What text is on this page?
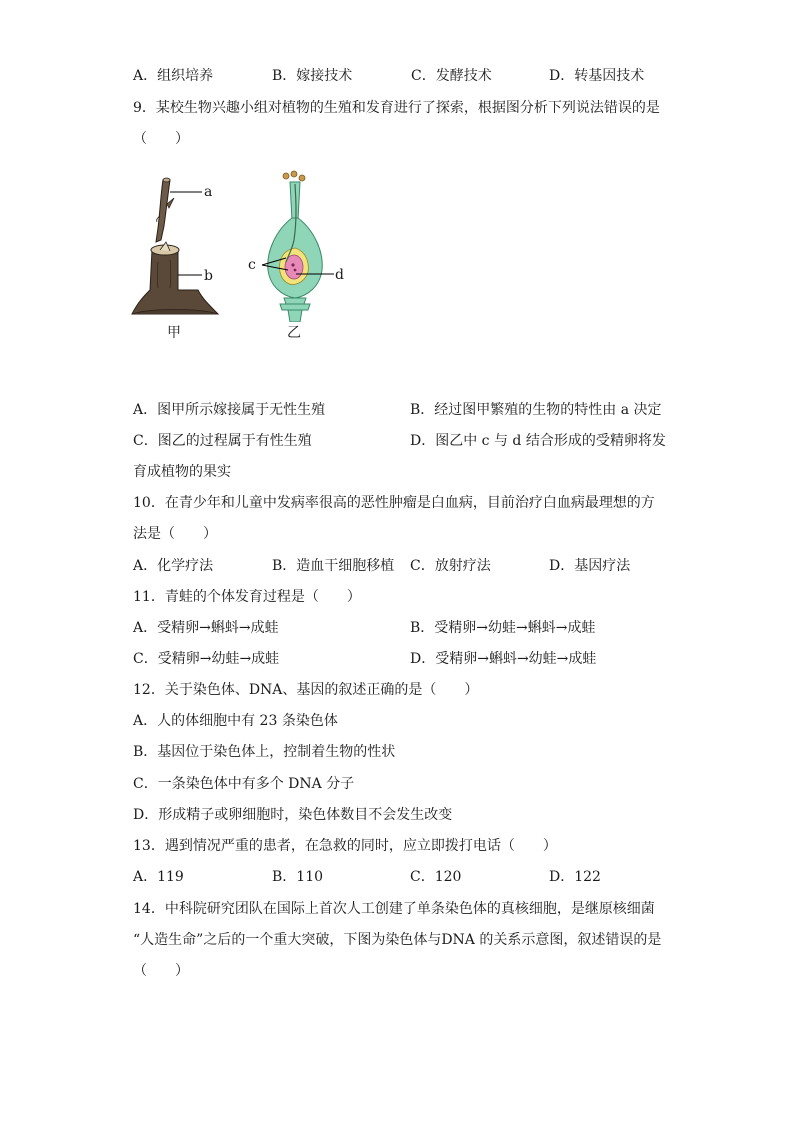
A．组织培养	B．嫁接技术	C．发酵技术	D．转基因技术
9．某校生物兴趣小组对植物的生殖和发育进行了探索，根据图分析下列说法错误的是
（　　）
a
b
甲
c
d
乙
A．图甲所示嫁接属于无性生殖	B．经过图甲繁殖的生物的特性由 a 决定
C．图乙的过程属于有性生殖	D．图乙中 c 与 d 结合形成的受精卵将发
育成植物的果实
10．在青少年和儿童中发病率很高的恶性肿瘤是白血病，目前治疗白血病最理想的方
法是（　　）
A．化学疗法	B．造血干细胞移植 C．放射疗法	D．基因疗法
11．青蛙的个体发育过程是（　　）
A．受精卵→蝌蚪→成蛙	B．受精卵→幼蛙→蝌蚪→成蛙
C．受精卵→幼蛙→成蛙	D．受精卵→蝌蚪→幼蛙→成蛙
12．关于染色体、DNA、基因的叙述正确的是（　　）
A．人的体细胞中有 23 条染色体
B．基因位于染色体上，控制着生物的性状
C．一条染色体中有多个 DNA 分子
D．形成精子或卵细胞时，染色体数目不会发生改变
13．遇到情况严重的患者，在急救的同时，应立即拨打电话（　　）
A．119	B．110	C．120	D．122
14．中科院研究团队在国际上首次人工创建了单条染色体的真核细胞，是继原核细菌
“人造生命”之后的一个重大突破，下图为染色体与DNA 的关系示意图，叙述错误的是
（　　）
